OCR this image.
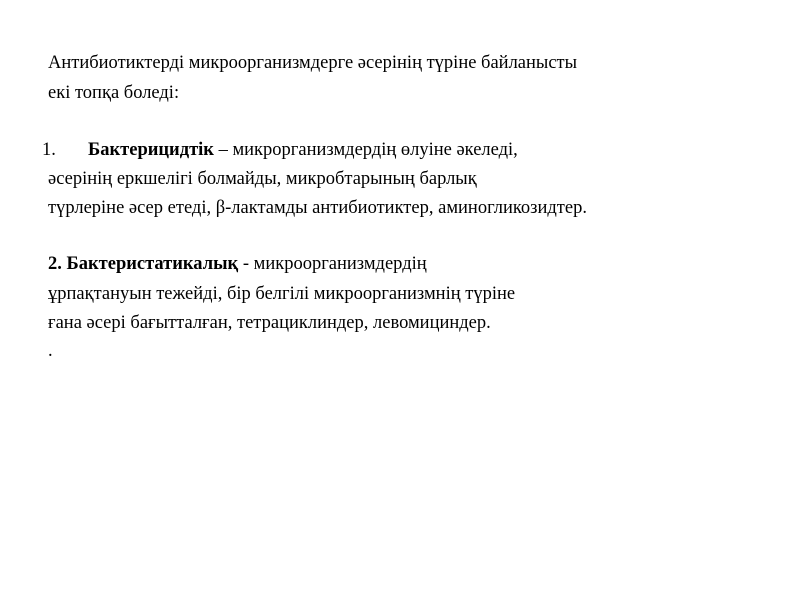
Антибиотиктерді микроорганизмдерге әсерінің түріне байланысты
екі топқа боледі:
1. Бактерицидтік – микрорганизмдердің өлуіне әкеледі,
әсерінің еркшелігі болмайды, микробтарының барлық
түрлеріне әсер етеді, β-лактамды антибиотиктер, аминогликозидтер.
2. Бактеристатикалық - микроорганизмдердің
ұрпақтануын тежейді, бір белгілі микроорганизмнің түріне
ғана әсері бағытталған, тетрациклиндер, левомициндер.
.
